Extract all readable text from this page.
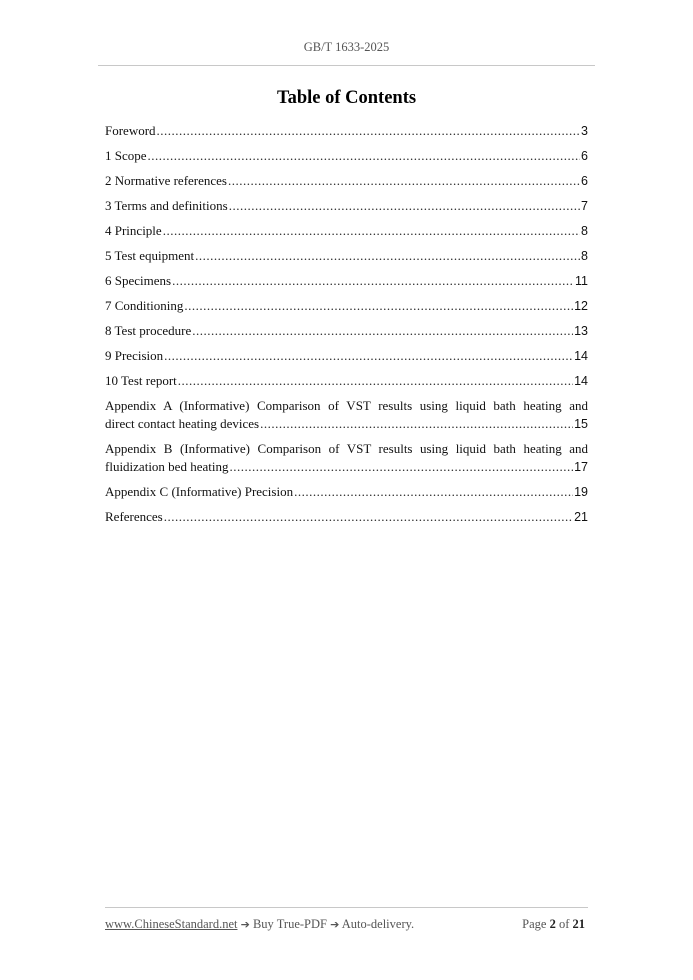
GB/T 1633-2025
Table of Contents
Foreword .....	3
1 Scope .....	6
2 Normative references .....	6
3 Terms and definitions .....	7
4 Principle .....	8
5 Test equipment .....	8
6 Specimens .....	11
7 Conditioning .....	12
8 Test procedure .....	13
9 Precision .....	14
10 Test report .....	14
Appendix A (Informative) Comparison of VST results using liquid bath heating and
direct contact heating devices .....	15
Appendix B (Informative) Comparison of VST results using liquid bath heating and
fluidization bed heating .....	17
Appendix C (Informative) Precision .....	19
References .....	21
www.ChineseStandard.net ➔ Buy True-PDF ➔ Auto-delivery.	Page 2 of 21
